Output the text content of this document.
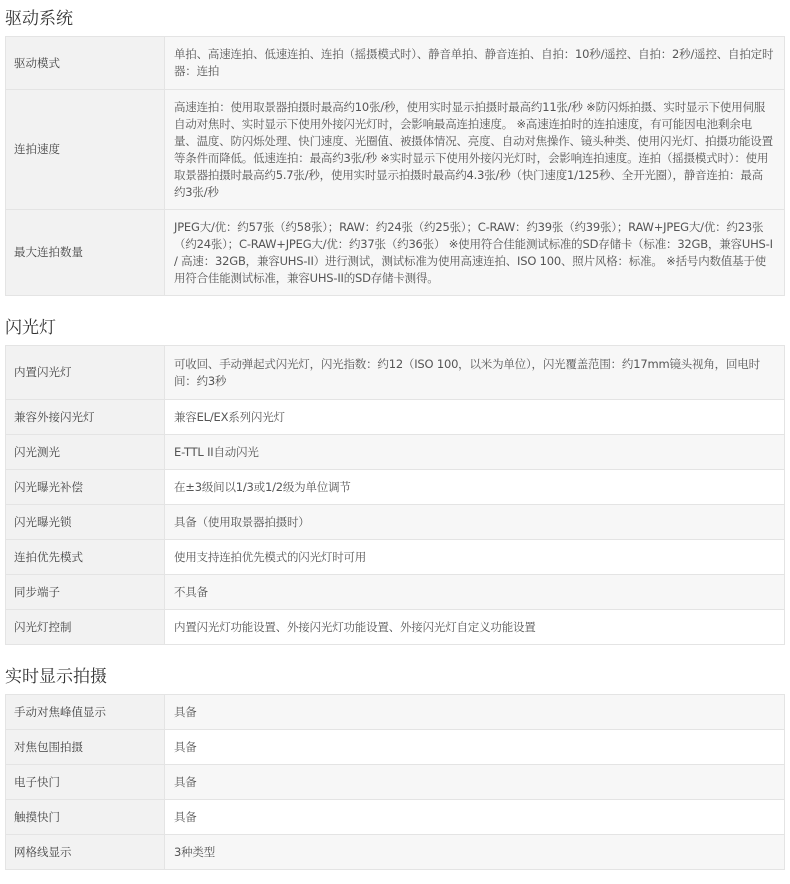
驱动系统
驱动模式	单拍、高速连拍、低速连拍、连拍（摇摄模式时）、静音单拍、静音连拍、自拍：10秒/遥控、自拍：2秒/遥控、自拍定时器：连拍
连拍速度	高速连拍：使用取景器拍摄时最高约10张/秒，使用实时显示拍摄时最高约11张/秒 ※防闪烁拍摄、实时显示下使用伺服自动对焦时、实时显示下使用外接闪光灯时，会影响最高连拍速度。 ※高速连拍时的连拍速度，有可能因电池剩余电量、温度、防闪烁处理、快门速度、光圈值、被摄体情况、亮度、自动对焦操作、镜头种类、使用闪光灯、拍摄功能设置等条件而降低。低速连拍：最高约3张/秒 ※实时显示下使用外接闪光灯时，会影响连拍速度。连拍（摇摄模式时）：使用取景器拍摄时最高约5.7张/秒，使用实时显示拍摄时最高约4.3张/秒（快门速度1/125秒、全开光圈），静音连拍：最高约3张/秒
最大连拍数量	JPEG大/优：约57张（约58张）；RAW：约24张（约25张）；C-RAW：约39张（约39张）；RAW+JPEG大/优：约23张（约24张）；C-RAW+JPEG大/优：约37张（约36张） ※使用符合佳能测试标准的SD存储卡（标准：32GB，兼容UHS-I / 高速：32GB，兼容UHS-II）进行测试，测试标准为使用高速连拍、ISO 100、照片风格：标准。 ※括号内数值基于使用符合佳能测试标准，兼容UHS-II的SD存储卡测得。
闪光灯
内置闪光灯	可收回、手动弹起式闪光灯，闪光指数：约12（ISO 100，以米为单位），闪光覆盖范围：约17mm镜头视角，回电时间：约3秒
兼容外接闪光灯	兼容EL/EX系列闪光灯
闪光测光	E-TTL II自动闪光
闪光曝光补偿	在±3级间以1/3或1/2级为单位调节
闪光曝光锁	具备（使用取景器拍摄时）
连拍优先模式	使用支持连拍优先模式的闪光灯时可用
同步端子	不具备
闪光灯控制	内置闪光灯功能设置、外接闪光灯功能设置、外接闪光灯自定义功能设置
实时显示拍摄
手动对焦峰值显示	具备
对焦包围拍摄	具备
电子快门	具备
触摸快门	具备
网格线显示	3种类型
